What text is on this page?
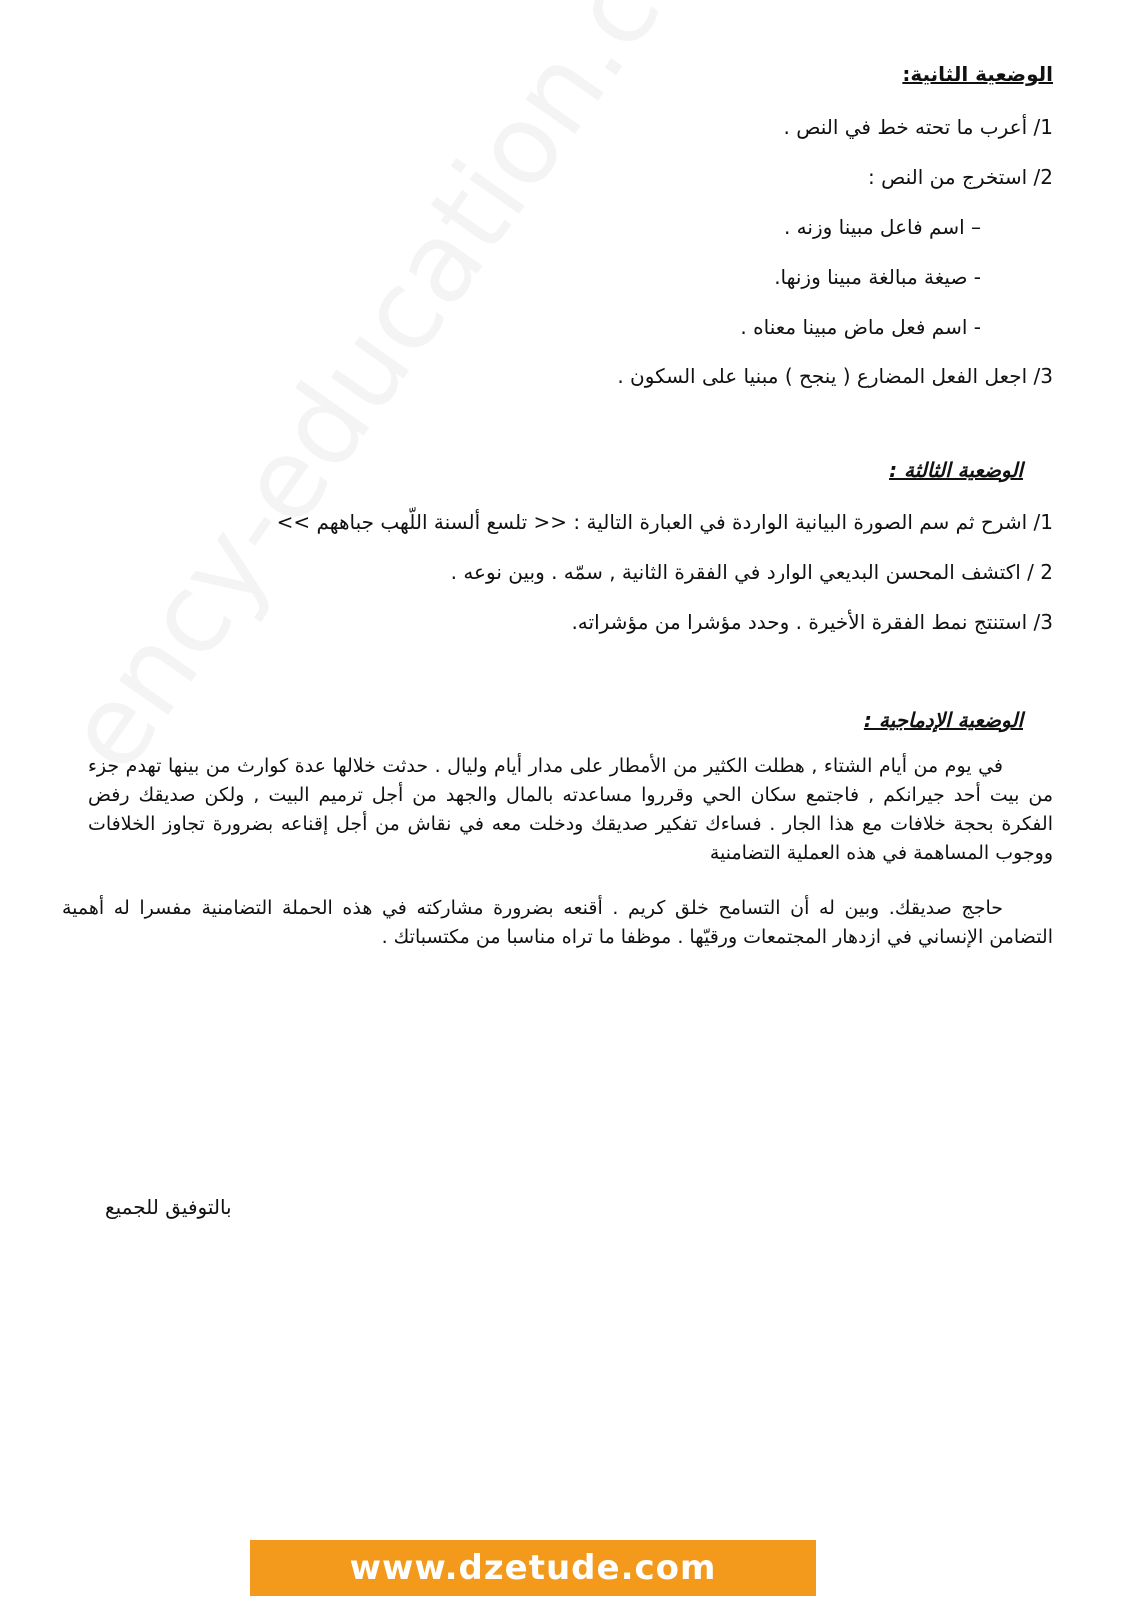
الوضعية الثانية:
1/ أعرب ما تحته خط في النص .
2/ استخرج من النص :
– اسم فاعل مبينا وزنه .
- صيغة مبالغة مبينا وزنها.
- اسم فعل ماض مبينا معناه .
3/ اجعل الفعل المضارع ( ينجح ) مبنيا على السكون .
الوضعية الثالثة :
1/ اشرح ثم سم الصورة البيانية الواردة في العبارة التالية : << تلسع ألسنة اللّهب جباههم >>
2 / اكتشف المحسن البديعي الوارد في الفقرة الثانية , سمّه . وبين نوعه .
3/ استنتج نمط الفقرة الأخيرة . وحدد مؤشرا من مؤشراته.
الوضعية الإدماجية :
في يوم من أيام الشتاء , هطلت الكثير من الأمطار على مدار أيام وليال . حدثت خلالها عدة كوارث من بينها تهدم جزء من بيت أحد جيرانكم , فاجتمع سكان الحي وقرروا مساعدته بالمال والجهد من أجل ترميم البيت , ولكن صديقك رفض الفكرة بحجة خلافات مع هذا الجار . فساءك تفكير صديقك ودخلت معه في نقاش من أجل إقناعه بضرورة تجاوز الخلافات ووجوب المساهمة في هذه العملية التضامنية
حاجج صديقك. وبين له أن التسامح خلق كريم . أقنعه بضرورة مشاركته في هذه الحملة التضامنية مفسرا له أهمية التضامن الإنساني في ازدهار المجتمعات ورقيّها . موظفا ما تراه مناسبا من مكتسباتك .
بالتوفيق للجميع
www.dzetude.com
